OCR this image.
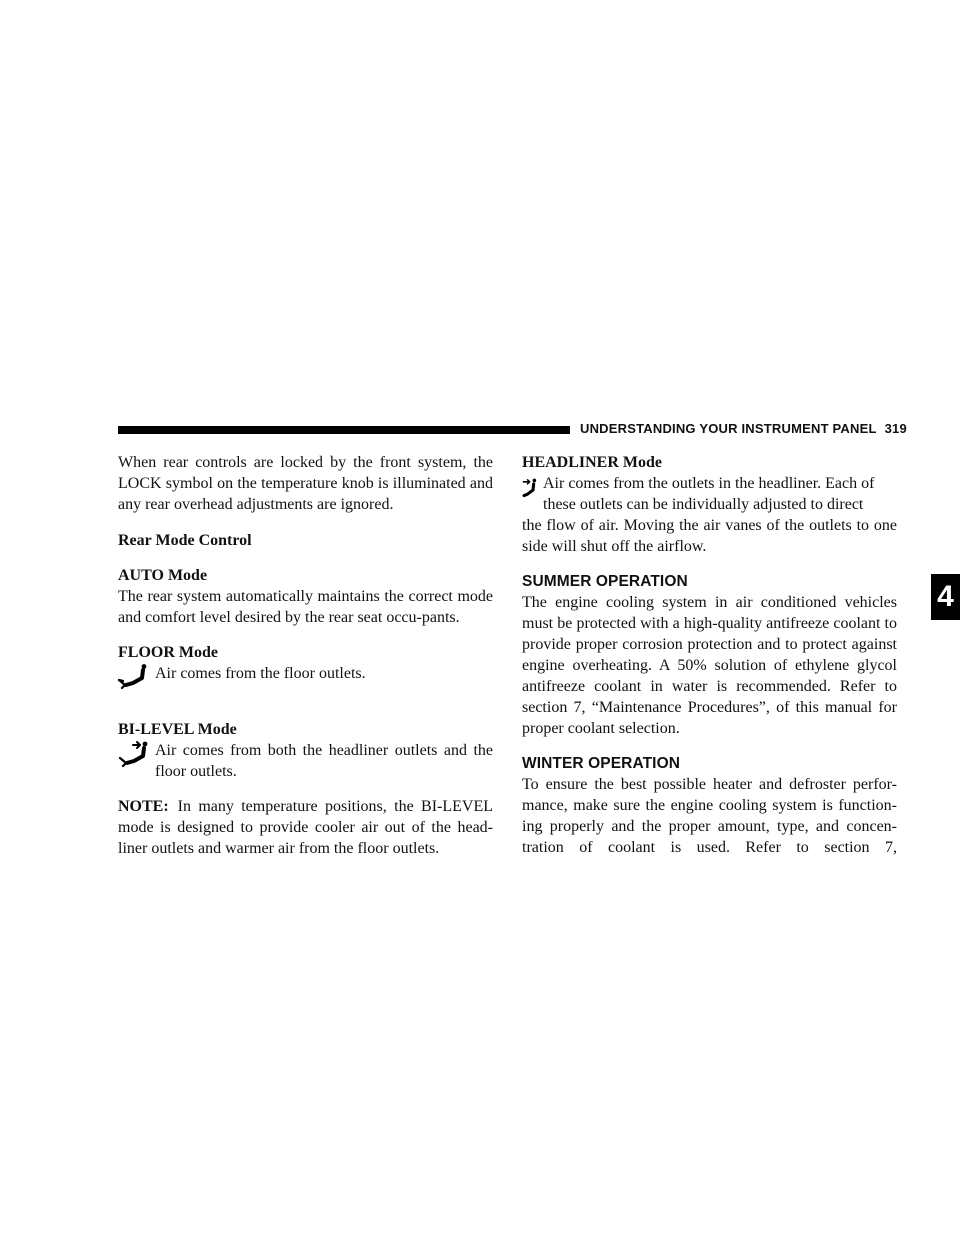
UNDERSTANDING YOUR INSTRUMENT PANEL 319
4

When rear controls are locked by the front system, the LOCK symbol on the temperature knob is illuminated and any rear overhead adjustments are ignored.

Rear Mode Control
AUTO Mode

The rear system automatically maintains the correct mode and comfort level desired by the rear seat occu-pants.

FLOOR Mode

Air comes from the floor outlets.

BI-LEVEL Mode

Air comes from both the headliner outlets and the floor outlets.

NOTE: In many temperature positions, the BI-LEVEL mode is designed to provide cooler air out of the head-liner outlets and warmer air from the floor outlets.

HEADLINER Mode

Air comes from the outlets in the headliner. Each of

these outlets can be individually adjusted to direct

the flow of air. Moving the air vanes of the outlets to one side will shut off the airflow.

SUMMER OPERATION

The engine cooling system in air conditioned vehicles must be protected with a high-quality antifreeze coolant to provide proper corrosion protection and to protect against engine overheating. A 50% solution of ethylene glycol antifreeze coolant in water is recommended. Refer to section 7, “Maintenance Procedures”, of this manual for proper coolant selection.

WINTER OPERATION

To ensure the best possible heater and defroster perfor-mance, make sure the engine cooling system is function-ing properly and the proper amount, type, and concen-tration of coolant is used. Refer to section 7,
